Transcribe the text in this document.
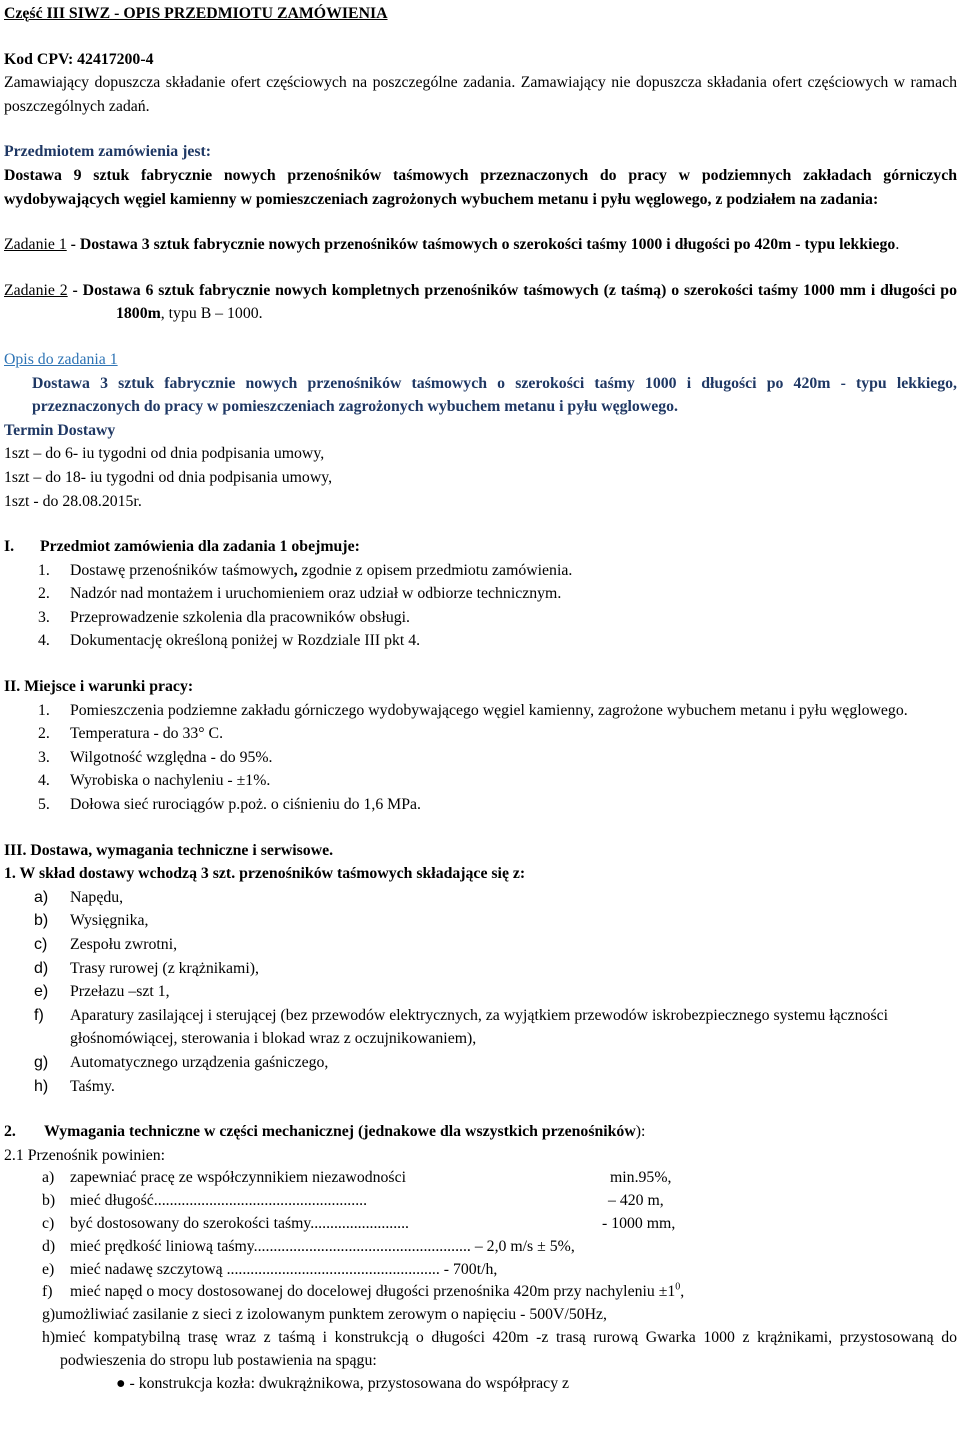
Część III SIWZ - OPIS PRZEDMIOTU ZAMÓWIENIA

Kod CPV: 42417200-4

Zamawiający dopuszcza składanie ofert częściowych na poszczególne zadania. Zamawiający nie dopuszcza składania ofert częściowych w ramach poszczególnych zadań.

Przedmiotem zamówienia jest:

Dostawa 9 sztuk fabrycznie nowych przenośników taśmowych przeznaczonych do pracy w podziemnych zakładach górniczych wydobywających węgiel kamienny w pomieszczeniach zagrożonych wybuchem metanu i pyłu węglowego, z podziałem na zadania:

Zadanie 1 - Dostawa 3 sztuk fabrycznie nowych przenośników taśmowych o szerokości taśmy 1000 i długości po 420m - typu lekkiego.

Zadanie 2 - Dostawa 6 sztuk fabrycznie nowych kompletnych przenośników taśmowych (z taśmą) o szerokości taśmy 1000 mm i długości po 1800m, typu B – 1000.

Opis do zadania 1

Dostawa 3 sztuk fabrycznie nowych przenośników taśmowych o szerokości taśmy 1000 i długości po 420m - typu lekkiego, przeznaczonych do pracy w pomieszczeniach zagrożonych wybuchem metanu i pyłu węglowego.

Termin Dostawy

1szt – do 6- iu tygodni od dnia podpisania umowy,

1szt – do 18- iu tygodni od dnia podpisania umowy,

1szt - do 28.08.2015r.

I.	Przedmiot zamówienia dla zadania 1 obejmuje:
1.	Dostawę przenośników taśmowych, zgodnie z opisem przedmiotu zamówienia.
2.	Nadzór nad montażem i uruchomieniem oraz udział w odbiorze technicznym.
3.	Przeprowadzenie szkolenia dla pracowników obsługi.
4.	Dokumentację określoną poniżej w Rozdziale III pkt 4.

II. Miejsce i warunki pracy:

1.	Pomieszczenia podziemne zakładu górniczego wydobywającego węgiel kamienny, zagrożone wybuchem metanu i pyłu węglowego.
2.	Temperatura - do 33° C.
3.	Wilgotność względna - do 95%.
4.	Wyrobiska o nachyleniu - ±1%.
5.	Dołowa sieć rurociągów p.poż. o ciśnieniu do 1,6 MPa.

III. Dostawa, wymagania techniczne i serwisowe.

1. W skład dostawy wchodzą 3 szt. przenośników taśmowych składające się z:

a)	Napędu,
b)	Wysięgnika,
c)	Zespołu zwrotni,
d)	Trasy rurowej (z krążnikami),
e)	Przełazu –szt 1,
f)	Aparatury zasilającej i sterującej (bez przewodów elektrycznych, za wyjątkiem przewodów iskrobezpiecznego systemu łączności głośnomówiącej, sterowania i blokad wraz z oczujnikowaniem),
g)	Automatycznego urządzenia gaśniczego,
h)	Taśmy.
2.	Wymagania techniczne w części mechanicznej (jednakowe dla wszystkich przenośników):

2.1 Przenośnik powinien:

a) zapewniać pracę ze współczynnikiem niezawodności	min.95%,
b) mieć długość......................................................	– 420 m,
c) być dostosowany do szerokości taśmy.........................	- 1000 mm,
d) mieć prędkość liniową taśmy....................................................... – 2,0 m/s ± 5%,
e) mieć nadawę szczytową ...................................................... - 700t/h,
f)	mieć napęd o mocy dostosowanej do docelowej długości przenośnika 420m przy nachyleniu $\pm 1^0$,

g)umożliwiać zasilanie z sieci z izolowanym punktem zerowym o napięciu - 500V/50Hz,

h)mieć kompatybilną trasę wraz z taśmą i konstrukcją o długości 420m -z trasą rurową Gwarka 1000 z krążnikami, przystosowaną do podwieszenia do stropu lub postawienia na spągu:

● - konstrukcja kozła: dwukrążnikowa, przystosowana do współpracy z
